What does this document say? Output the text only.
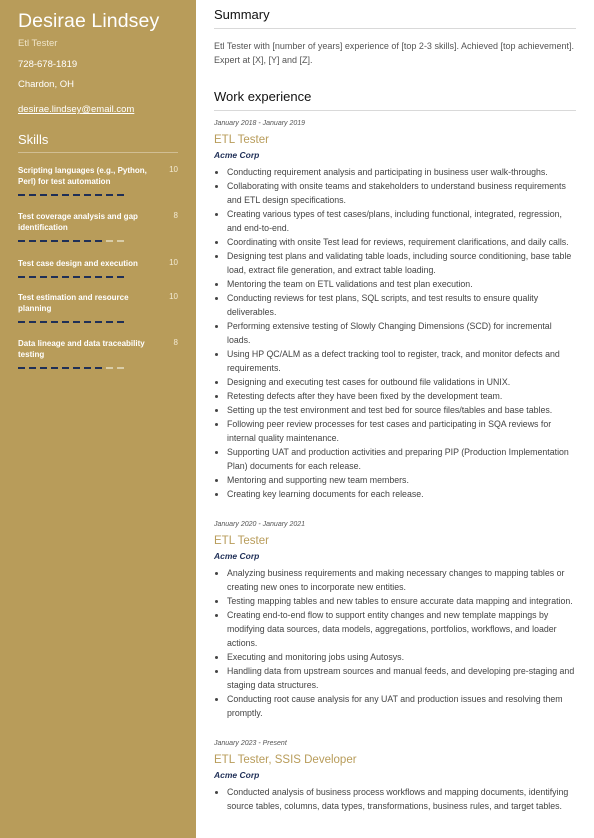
Desirae Lindsey
Etl Tester
728-678-1819
Chardon, OH
desirae.lindsey@email.com
Skills
Scripting languages (e.g., Python, Perl) for test automation
10
Test coverage analysis and gap identification
8
Test case design and execution	10
Test estimation and resource planning
10
Data lineage and data traceability testing
8
Summary
Etl Tester with [number of years] experience of [top 2-3 skills]. Achieved [top achievement]. Expert at [X], [Y] and [Z].
Work experience
January 2018 - January 2019
ETL Tester
Acme Corp
• Conducting requirement analysis and participating in business user walk-throughs.
• Collaborating with onsite teams and stakeholders to understand business requirements and ETL design specifications.
• Creating various types of test cases/plans, including functional, integrated, regression, and end-to-end.
• Coordinating with onsite Test lead for reviews, requirement clarifications, and daily calls.
• Designing test plans and validating table loads, including source conditioning, base table load, extract file generation, and extract table loading.
• Mentoring the team on ETL validations and test plan execution.
• Conducting reviews for test plans, SQL scripts, and test results to ensure quality deliverables.
• Performing extensive testing of Slowly Changing Dimensions (SCD) for incremental loads.
• Using HP QC/ALM as a defect tracking tool to register, track, and monitor defects and requirements.
• Designing and executing test cases for outbound file validations in UNIX.
• Retesting defects after they have been fixed by the development team.
• Setting up the test environment and test bed for source files/tables and base tables.
• Following peer review processes for test cases and participating in SQA reviews for internal quality maintenance.
• Supporting UAT and production activities and preparing PIP (Production Implementation Plan) documents for each release.
• Mentoring and supporting new team members.
• Creating key learning documents for each release.
January 2020 - January 2021
ETL Tester
Acme Corp
• Analyzing business requirements and making necessary changes to mapping tables or creating new ones to incorporate new entities.
• Testing mapping tables and new tables to ensure accurate data mapping and integration.
• Creating end-to-end flow to support entity changes and new template mappings by modifying data sources, data models, aggregations, portfolios, workflows, and loader actions.
• Executing and monitoring jobs using Autosys.
• Handling data from upstream sources and manual feeds, and developing pre-staging and staging data structures.
• Conducting root cause analysis for any UAT and production issues and resolving them promptly.
January 2023 - Present
ETL Tester, SSIS Developer
Acme Corp
• Conducted analysis of business process workflows and mapping documents, identifying source tables, columns, data types, transformations, business rules, and target tables.
